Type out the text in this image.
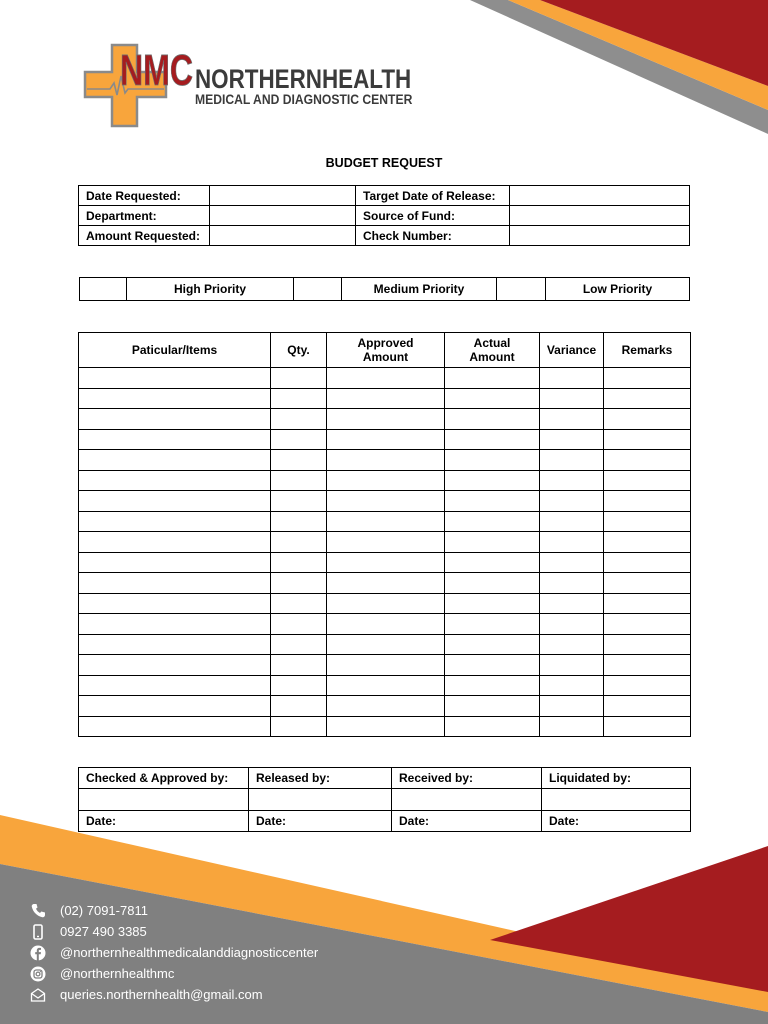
NMC NORTHERNHEALTH
MEDICAL AND DIAGNOSTIC CENTER
BUDGET REQUEST
Date Requested:		Target Date of Release:	
Department:		Source of Fund:	
Amount Requested:		Check Number:	
	High Priority		Medium Priority		Low Priority
Paticular/Items	Qty.	Approved Amount	Actual Amount	Variance	Remarks

Checked & Approved by:	Released by:	Received by:	Liquidated by:

Date:	Date:	Date:	Date:
(02) 7091-7811
0927 490 3385
@northernhealthmedicalanddiagnosticcenter
@northernhealthmc
queries.northernhealth@gmail.com
